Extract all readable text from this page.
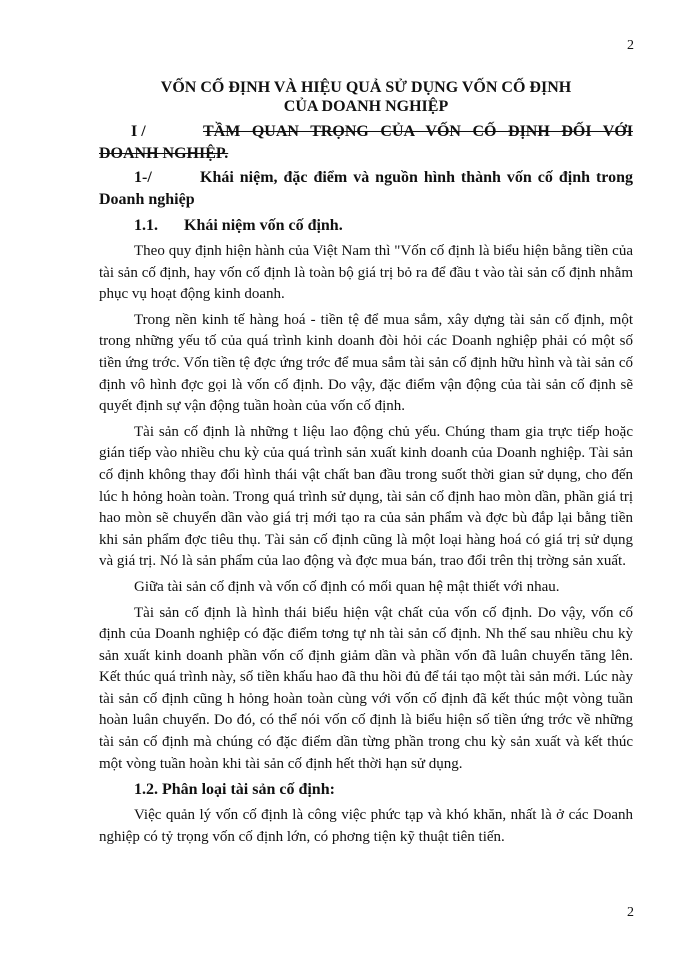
2
VỐN CỐ ĐỊNH VÀ HIỆU QUẢ SỬ DỤNG VỐN CỐ ĐỊNH
CỦA DOANH NGHIỆP
I /	TẦM QUAN TRỌNG CỦA VỐN CỐ ĐỊNH ĐỐI VỚI DOANH NGHIỆP.
1-/	Khái niệm, đặc điểm và nguồn hình thành vốn cố định trong Doanh nghiệp
1.1. Khái niệm vốn cố định.

Theo quy định hiện hành của Việt Nam thì "Vốn cố định là biểu hiện bằng tiền của tài sản cố định, hay vốn cố định là toàn bộ giá trị bỏ ra để đầu t vào tài sản cố định nhằm phục vụ hoạt động kinh doanh.

Trong nền kinh tế hàng hoá - tiền tệ để mua sắm, xây dựng tài sản cố định, một trong những yếu tố của quá trình kinh doanh đòi hỏi các Doanh nghiệp phải có một số tiền ứng trớc. Vốn tiền tệ đợc ứng trớc để mua sắm tài sản cố định hữu hình và tài sản cố định vô hình đợc gọi là vốn cố định. Do vậy, đặc điểm vận động của tài sản cố định sẽ quyết định sự vận động tuần hoàn của vốn cố định.

Tài sản cố định là những t liệu lao động chủ yếu. Chúng tham gia trực tiếp hoặc gián tiếp vào nhiều chu kỳ của quá trình sản xuất kinh doanh của Doanh nghiệp. Tài sản cố định không thay đổi hình thái vật chất ban đầu trong suốt thời gian sử dụng, cho đến lúc h hỏng hoàn toàn. Trong quá trình sử dụng, tài sản cố định hao mòn dần, phần giá trị hao mòn sẽ chuyển dần vào giá trị mới tạo ra của sản phẩm và đợc bù đắp lại bằng tiền khi sản phẩm đợc tiêu thụ. Tài sản cố định cũng là một loại hàng hoá có giá trị sử dụng và giá trị. Nó là sản phẩm của lao động và đợc mua bán, trao đổi trên thị trờng sản xuất.

Giữa tài sản cố định và vốn cố định có mối quan hệ mật thiết với nhau.

Tài sản cố định là hình thái biểu hiện vật chất của vốn cố định. Do vậy, vốn cố định của Doanh nghiệp có đặc điểm tơng tự nh tài sản cố định. Nh thế sau nhiều chu kỳ sản xuất kinh doanh phần vốn cố định giảm dần và phần vốn đã luân chuyển tăng lên. Kết thúc quá trình này, số tiền khấu hao đã thu hồi đủ để tái tạo một tài sản mới. Lúc này tài sản cố định cũng h hỏng hoàn toàn cùng với vốn cố định đã kết thúc một vòng tuần hoàn luân chuyển. Do đó, có thể nói vốn cố định là biểu hiện số tiền ứng trớc về những tài sản cố định mà chúng có đặc điểm dần từng phần trong chu kỳ sản xuất và kết thúc một vòng tuần hoàn khi tài sản cố định hết thời hạn sử dụng.

1.2. Phân loại tài sản cố định:

Việc quản lý vốn cố định là công việc phức tạp và khó khăn, nhất là ở các Doanh nghiệp có tỷ trọng vốn cố định lớn, có phơng tiện kỹ thuật tiên tiến.

2
